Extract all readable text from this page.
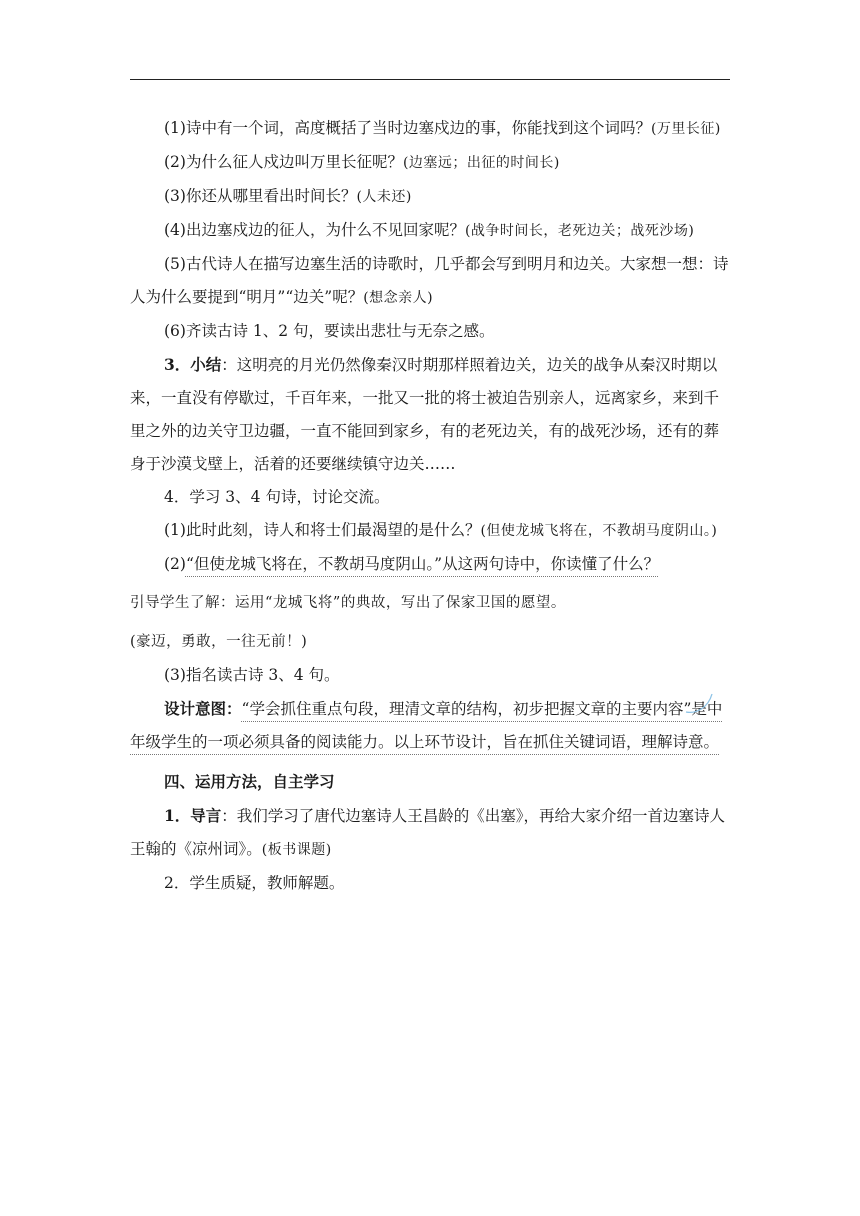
(1)诗中有一个词，高度概括了当时边塞戍边的事，你能找到这个词吗？(万里长征)

(2)为什么征人戍边叫万里长征呢？(边塞远；出征的时间长)

(3)你还从哪里看出时间长？(人未还)

(4)出边塞戍边的征人，为什么不见回家呢？(战争时间长，老死边关；战死沙场)

(5)古代诗人在描写边塞生活的诗歌时，几乎都会写到明月和边关。大家想一想：诗人为什么要提到“明月”“边关”呢？(想念亲人)

(6)齐读古诗 1、2 句，要读出悲壮与无奈之感。

3．小结：这明亮的月光仍然像秦汉时期那样照着边关，边关的战争从秦汉时期以来，一直没有停歇过，千百年来，一批又一批的将士被迫告别亲人，远离家乡，来到千里之外的边关守卫边疆，一直不能回到家乡，有的老死边关，有的战死沙场，还有的葬身于沙漠戈壁上，活着的还要继续镇守边关……

4．学习 3、4 句诗，讨论交流。

(1)此时此刻，诗人和将士们最渴望的是什么？(但使龙城飞将在，不教胡马度阴山。)

(2)“但使龙城飞将在，不教胡马度阴山。”从这两句诗中，你读懂了什么？

引导学生了解：运用“龙城飞将”的典故，写出了保家卫国的愿望。

(豪迈，勇敢，一往无前！)

(3)指名读古诗 3、4 句。

设计意图：“学会抓住重点句段，理清文章的结构，初步把握文章的主要内容”是中年级学生的一项必须具备的阅读能力。以上环节设计，旨在抓住关键词语，理解诗意。

四、运用方法，自主学习

1．导言：我们学习了唐代边塞诗人王昌龄的《出塞》，再给大家介绍一首边塞诗人王翰的《凉州词》。(板书课题)

2．学生质疑，教师解题。
